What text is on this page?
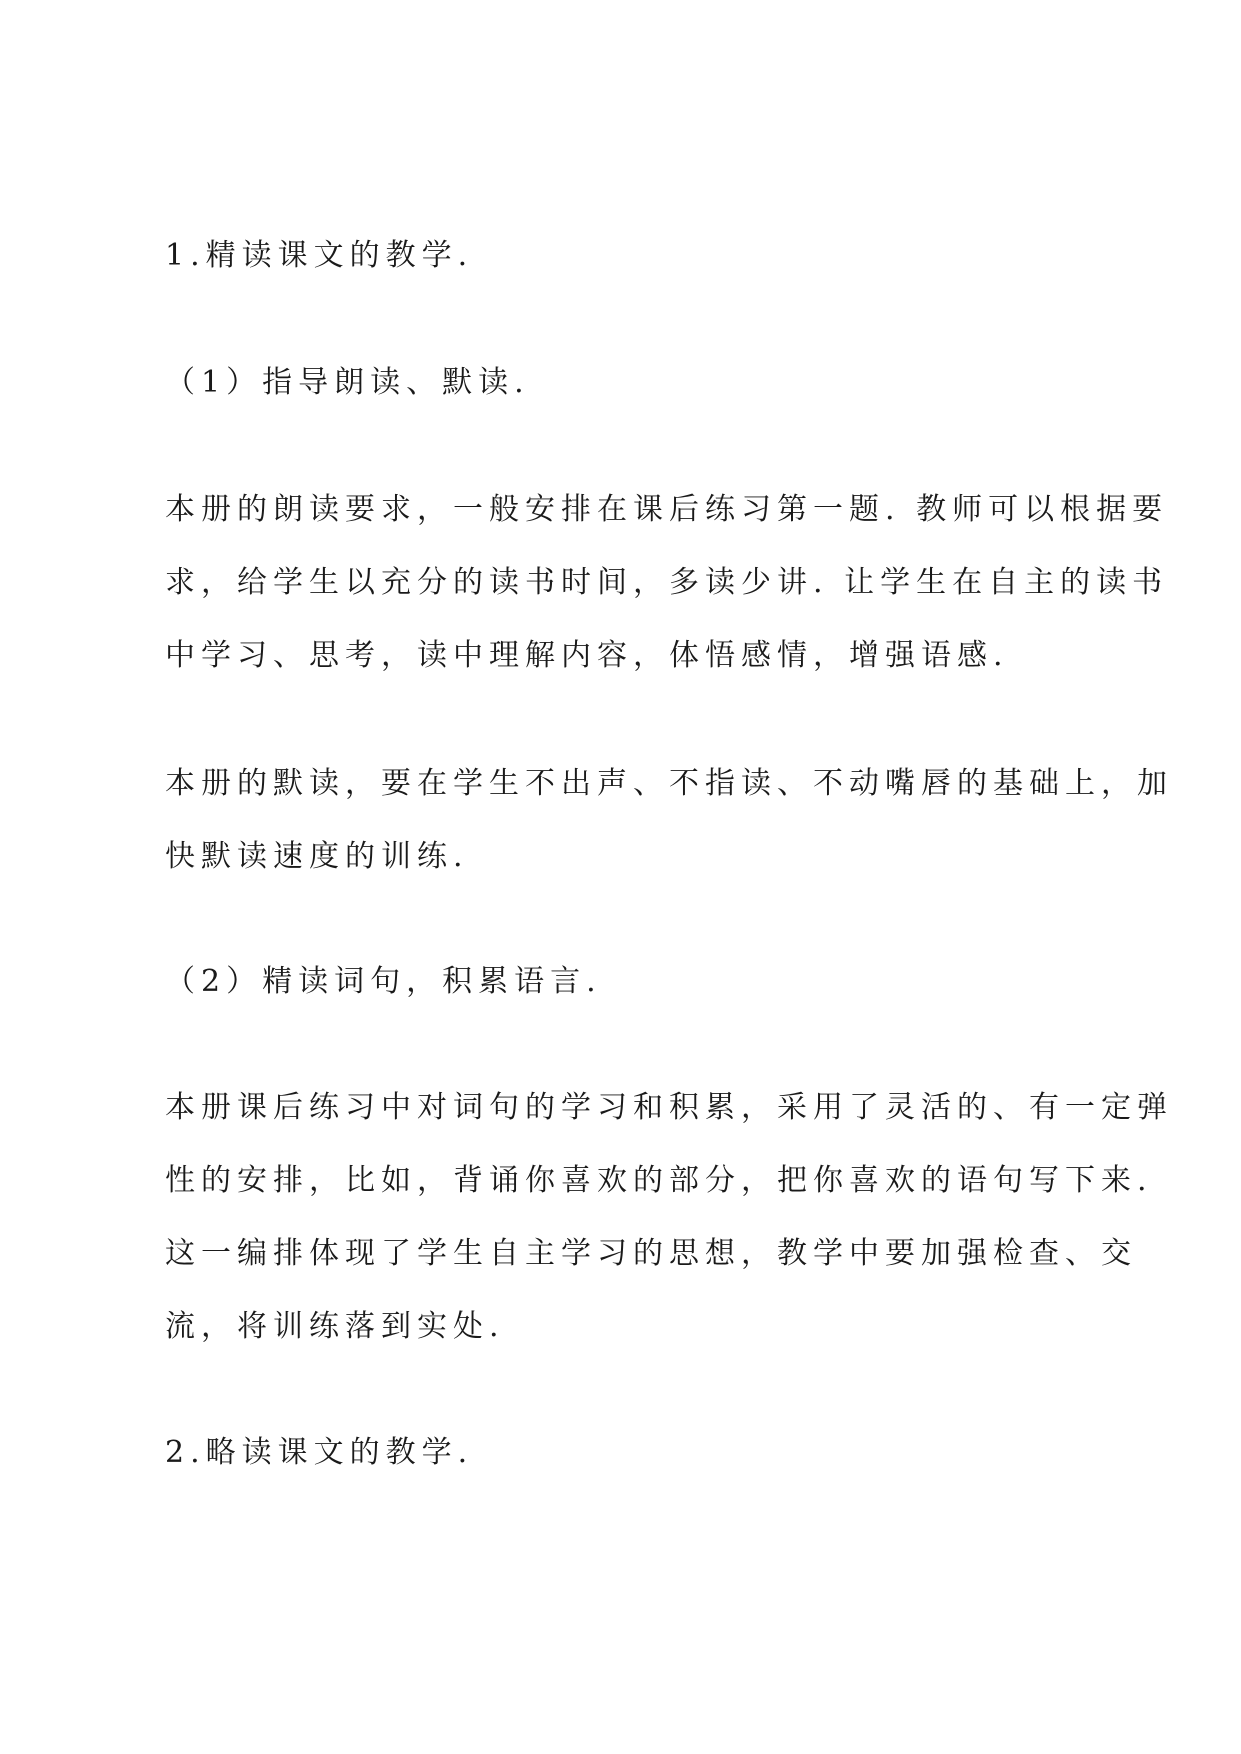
1.精读课文的教学.
（1）指导朗读、默读.
本册的朗读要求，一般安排在课后练习第一题. 教师可以根据要
求，给学生以充分的读书时间，多读少讲. 让学生在自主的读书
中学习、思考，读中理解内容，体悟感情，增强语感.
本册的默读，要在学生不出声、不指读、不动嘴唇的基础上，加
快默读速度的训练.
（2）精读词句，积累语言.
本册课后练习中对词句的学习和积累，采用了灵活的、有一定弹
性的安排，比如，背诵你喜欢的部分，把你喜欢的语句写下来.
这一编排体现了学生自主学习的思想，教学中要加强检查、交
流，将训练落到实处.
2.略读课文的教学.
